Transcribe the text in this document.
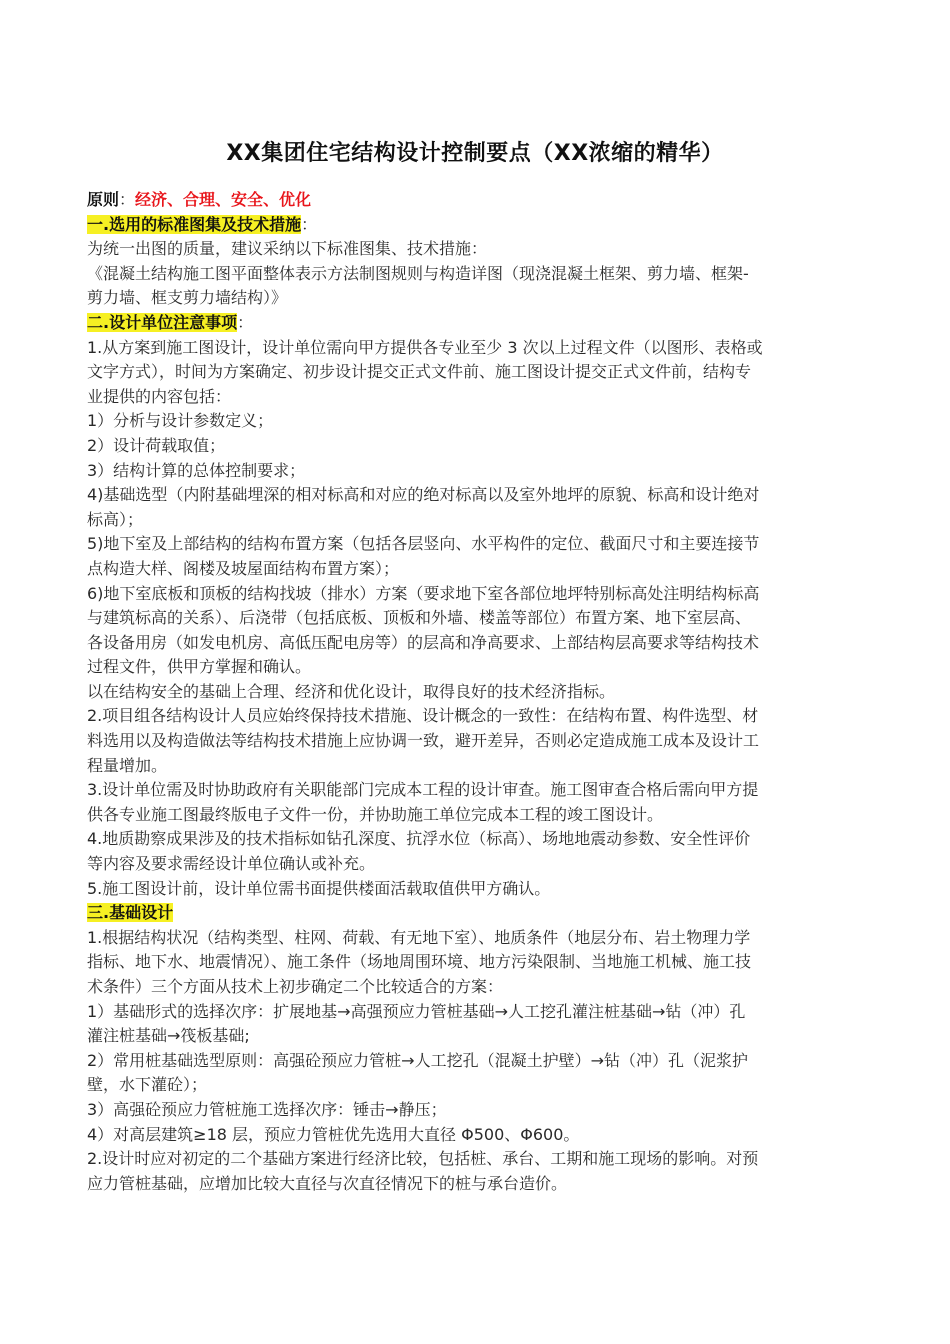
XX集团住宅结构设计控制要点（XX浓缩的精华）
原则：经济、合理、安全、优化
一.选用的标准图集及技术措施：
为统一出图的质量，建议采纳以下标准图集、技术措施：
《混凝土结构施工图平面整体表示方法制图规则与构造详图（现浇混凝土框架、剪力墙、框架-
剪力墙、框支剪力墙结构）》
二.设计单位注意事项：
1.从方案到施工图设计，设计单位需向甲方提供各专业至少 3 次以上过程文件（以图形、表格或
文字方式），时间为方案确定、初步设计提交正式文件前、施工图设计提交正式文件前，结构专
业提供的内容包括：
1）分析与设计参数定义；
2）设计荷载取值；
3）结构计算的总体控制要求；
4)基础选型（内附基础埋深的相对标高和对应的绝对标高以及室外地坪的原貌、标高和设计绝对
标高）；
5)地下室及上部结构的结构布置方案（包括各层竖向、水平构件的定位、截面尺寸和主要连接节
点构造大样、阁楼及坡屋面结构布置方案）；
6)地下室底板和顶板的结构找坡（排水）方案（要求地下室各部位地坪特别标高处注明结构标高
与建筑标高的关系）、后浇带（包括底板、顶板和外墙、楼盖等部位）布置方案、地下室层高、
各设备用房（如发电机房、高低压配电房等）的层高和净高要求、上部结构层高要求等结构技术
过程文件，供甲方掌握和确认。
以在结构安全的基础上合理、经济和优化设计，取得良好的技术经济指标。
2.项目组各结构设计人员应始终保持技术措施、设计概念的一致性：在结构布置、构件选型、材
料选用以及构造做法等结构技术措施上应协调一致，避开差异，否则必定造成施工成本及设计工
程量增加。
3.设计单位需及时协助政府有关职能部门完成本工程的设计审查。施工图审查合格后需向甲方提
供各专业施工图最终版电子文件一份，并协助施工单位完成本工程的竣工图设计。
4.地质勘察成果涉及的技术指标如钻孔深度、抗浮水位（标高）、场地地震动参数、安全性评价
等内容及要求需经设计单位确认或补充。
5.施工图设计前，设计单位需书面提供楼面活载取值供甲方确认。
三.基础设计
1.根据结构状况（结构类型、柱网、荷载、有无地下室）、地质条件（地层分布、岩土物理力学
指标、地下水、地震情况）、施工条件（场地周围环境、地方污染限制、当地施工机械、施工技
术条件）三个方面从技术上初步确定二个比较适合的方案：
1）基础形式的选择次序：扩展地基→高强预应力管桩基础→人工挖孔灌注桩基础→钻（冲）孔
灌注桩基础→筏板基础;
2）常用桩基础选型原则：高强砼预应力管桩→人工挖孔（混凝土护壁）→钻（冲）孔（泥浆护
壁，水下灌砼）；
3）高强砼预应力管桩施工选择次序：锤击→静压；
4）对高层建筑≥18 层，预应力管桩优先选用大直径 Φ500、Φ600。
2.设计时应对初定的二个基础方案进行经济比较，包括桩、承台、工期和施工现场的影响。对预
应力管桩基础，应增加比较大直径与次直径情况下的桩与承台造价。
